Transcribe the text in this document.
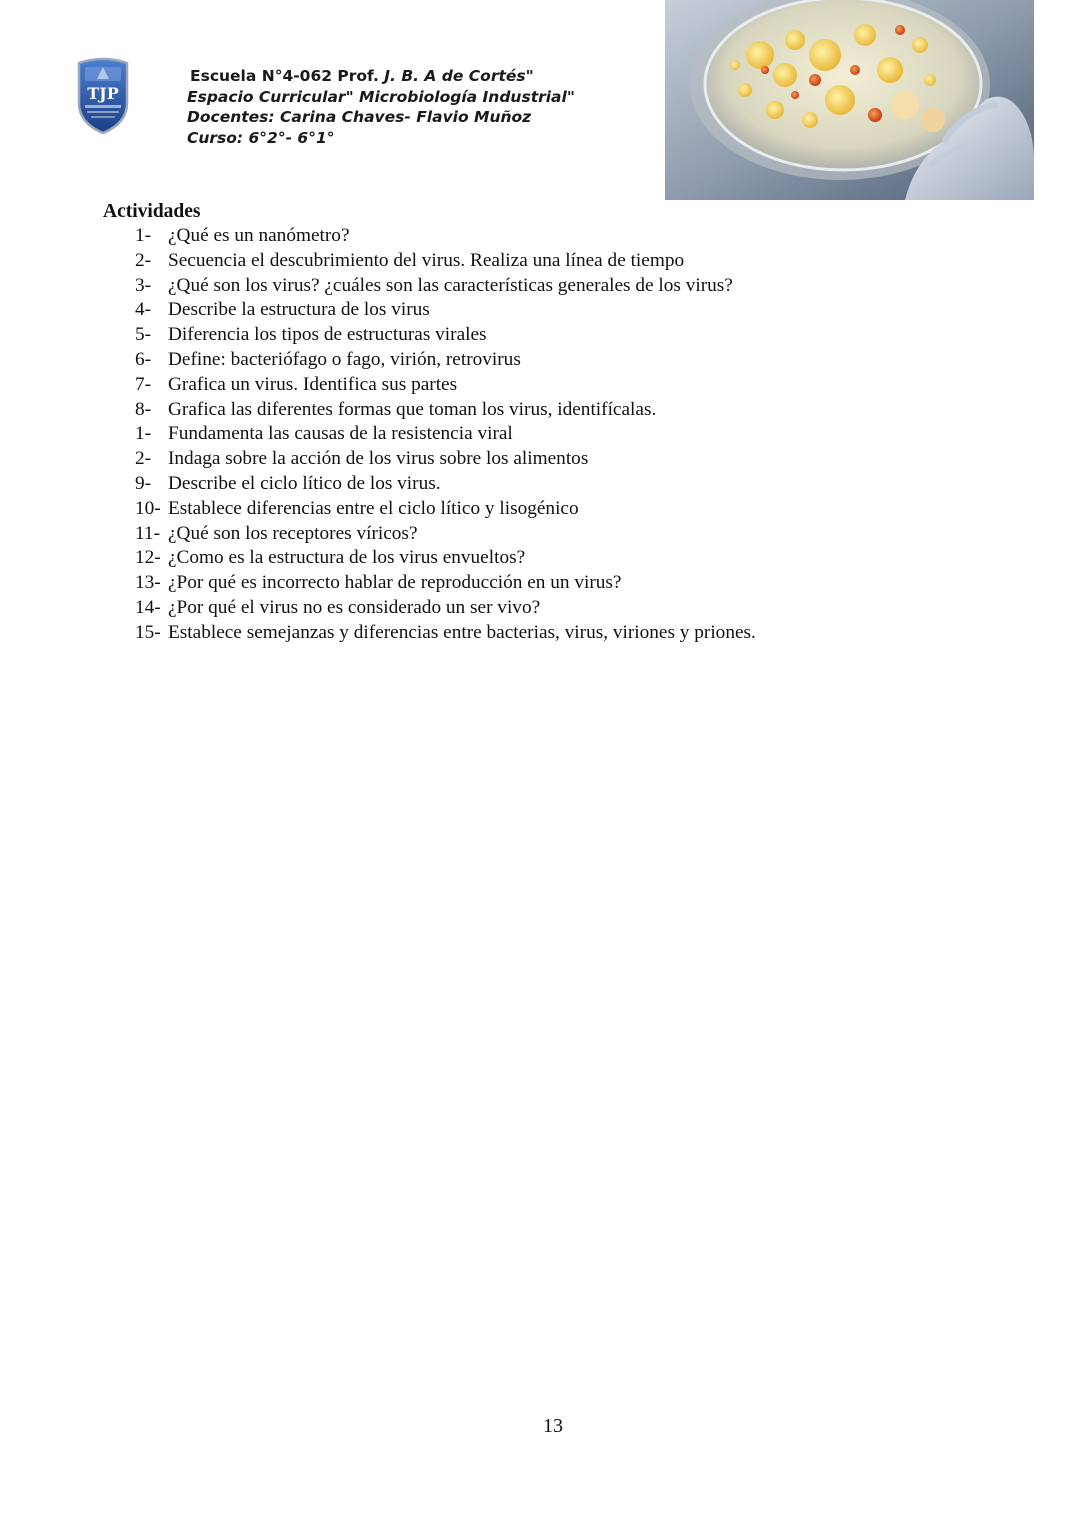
TJP
Escuela N°4-062 Prof. J. B. A de Cortés"
Espacio Curricular" Microbiología Industrial"
Docentes: Carina Chaves- Flavio Muñoz
Curso: 6°2°- 6°1°
Actividades
1- ¿Qué es un nanómetro?
2- Secuencia el descubrimiento del virus. Realiza una línea de tiempo
3- ¿Qué son los virus? ¿cuáles son las características generales de los virus?
4- Describe la estructura de los virus
5- Diferencia los tipos de estructuras virales
6- Define: bacteriófago o fago, virión, retrovirus
7- Grafica un virus. Identifica sus partes
8- Grafica las diferentes formas que toman los virus, identifícalas.
1- Fundamenta las causas de la resistencia viral
2- Indaga sobre la acción de los virus sobre los alimentos
9- Describe el ciclo lítico de los virus.
10- Establece diferencias entre el ciclo lítico y lisogénico
11- ¿Qué son los receptores víricos?
12- ¿Como es la estructura de los virus envueltos?
13- ¿Por qué es incorrecto hablar de reproducción en un virus?
14- ¿Por qué el virus no es considerado un ser vivo?
15- Establece semejanzas y diferencias entre bacterias, virus, viriones y priones.
13
